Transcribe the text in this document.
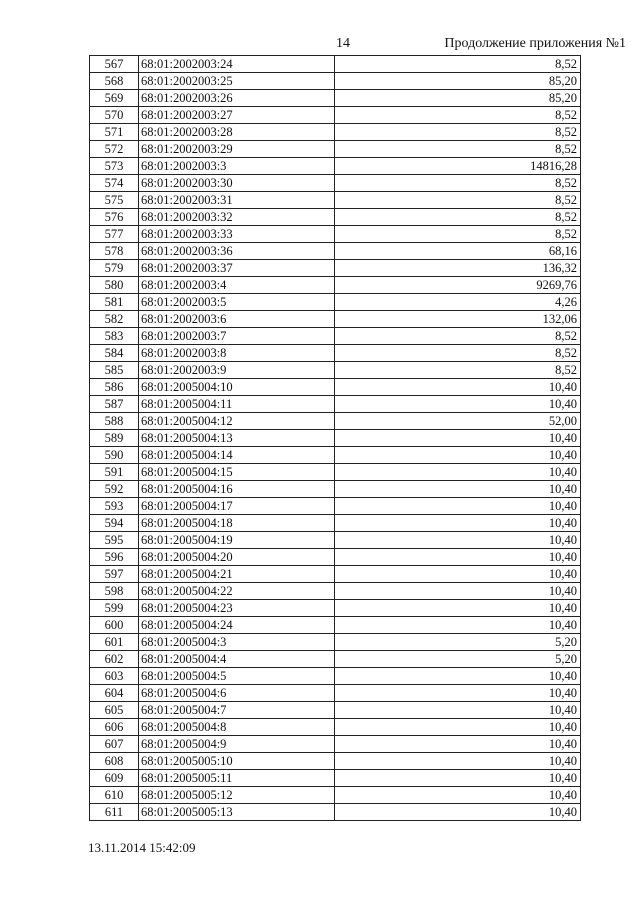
14	Продолжение приложения №1
567	68:01:2002003:24	8,52
568	68:01:2002003:25	85,20
569	68:01:2002003:26	85,20
570	68:01:2002003:27	8,52
571	68:01:2002003:28	8,52
572	68:01:2002003:29	8,52
573	68:01:2002003:3	14816,28
574	68:01:2002003:30	8,52
575	68:01:2002003:31	8,52
576	68:01:2002003:32	8,52
577	68:01:2002003:33	8,52
578	68:01:2002003:36	68,16
579	68:01:2002003:37	136,32
580	68:01:2002003:4	9269,76
581	68:01:2002003:5	4,26
582	68:01:2002003:6	132,06
583	68:01:2002003:7	8,52
584	68:01:2002003:8	8,52
585	68:01:2002003:9	8,52
586	68:01:2005004:10	10,40
587	68:01:2005004:11	10,40
588	68:01:2005004:12	52,00
589	68:01:2005004:13	10,40
590	68:01:2005004:14	10,40
591	68:01:2005004:15	10,40
592	68:01:2005004:16	10,40
593	68:01:2005004:17	10,40
594	68:01:2005004:18	10,40
595	68:01:2005004:19	10,40
596	68:01:2005004:20	10,40
597	68:01:2005004:21	10,40
598	68:01:2005004:22	10,40
599	68:01:2005004:23	10,40
600	68:01:2005004:24	10,40
601	68:01:2005004:3	5,20
602	68:01:2005004:4	5,20
603	68:01:2005004:5	10,40
604	68:01:2005004:6	10,40
605	68:01:2005004:7	10,40
606	68:01:2005004:8	10,40
607	68:01:2005004:9	10,40
608	68:01:2005005:10	10,40
609	68:01:2005005:11	10,40
610	68:01:2005005:12	10,40
611	68:01:2005005:13	10,40
13.11.2014 15:42:09
